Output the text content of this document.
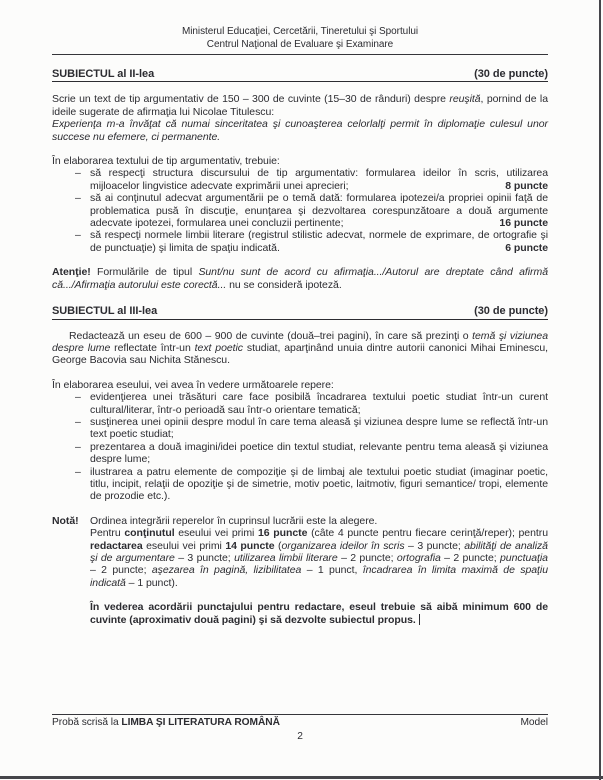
Ministerul Educaţiei, Cercetării, Tineretului şi Sportului
Centrul Naţional de Evaluare şi Examinare
SUBIECTUL al II-lea	(30 de puncte)

Scrie un text de tip argumentativ de 150 – 300 de cuvinte (15–30 de rânduri) despre reuşită, pornind de la ideile sugerate de afirmaţia lui Nicolae Titulescu:

Experienţa m-a învăţat că numai sinceritatea şi cunoaşterea celorlalţi permit în diplomaţie culesul unor succese nu efemere, ci permanente.

În elaborarea textului de tip argumentativ, trebuie:

– să respecţi structura discursului de tip argumentativ: formularea ideilor în scris, utilizarea mijloacelor lingvistice adecvate exprimării unei aprecieri;	8 puncte
– să ai conţinutul adecvat argumentării pe o temă dată: formularea ipotezei/a propriei opinii faţă de problematica pusă în discuţie, enunţarea şi dezvoltarea corespunzătoare a două argumente adecvate ipotezei, formularea unei concluzii pertinente;	16 puncte
– să respecţi normele limbii literare (registrul stilistic adecvat, normele de exprimare, de ortografie şi de punctuaţie) şi limita de spaţiu indicată.	6 puncte

Atenţie! Formulările de tipul Sunt/nu sunt de acord cu afirmaţia.../Autorul are dreptate când afirmă că.../Afirmaţia autorului este corectă... nu se consideră ipoteză.

SUBIECTUL al III-lea	(30 de puncte)

Redactează un eseu de 600 – 900 de cuvinte (două–trei pagini), în care să prezinţi o temă şi viziunea despre lume reflectate într-un text poetic studiat, aparţinând unuia dintre autorii canonici Mihai Eminescu, George Bacovia sau Nichita Stănescu.

În elaborarea eseului, vei avea în vedere următoarele repere:

– evidenţierea unei trăsături care face posibilă încadrarea textului poetic studiat într-un curent cultural/literar, într-o perioadă sau într-o orientare tematică;
– susţinerea unei opinii despre modul în care tema aleasă şi viziunea despre lume se reflectă într-un text poetic studiat;
– prezentarea a două imagini/idei poetice din textul studiat, relevante pentru tema aleasă şi viziunea despre lume;
– ilustrarea a patru elemente de compoziţie şi de limbaj ale textului poetic studiat (imaginar poetic, titlu, incipit, relaţii de opoziţie şi de simetrie, motiv poetic, laitmotiv, figuri semantice/ tropi, elemente de prozodie etc.).
Notă!	Ordinea integrării reperelor în cuprinsul lucrării este la alegere.

Pentru conţinutul eseului vei primi 16 puncte (câte 4 puncte pentru fiecare cerinţă/reper); pentru redactarea eseului vei primi 14 puncte (organizarea ideilor în scris – 3 puncte; abilităţi de analiză şi de argumentare – 3 puncte; utilizarea limbii literare – 2 puncte; ortografia – 2 puncte; punctuaţia – 2 puncte; aşezarea în pagină, lizibilitatea – 1 punct, încadrarea în limita maximă de spaţiu indicată – 1 punct).

În vederea acordării punctajului pentru redactare, eseul trebuie să aibă minimum 600 de cuvinte (aproximativ două pagini) şi să dezvolte subiectul propus.

Probă scrisă la LIMBA ŞI LITERATURA ROMÂNĂ	Model
2
